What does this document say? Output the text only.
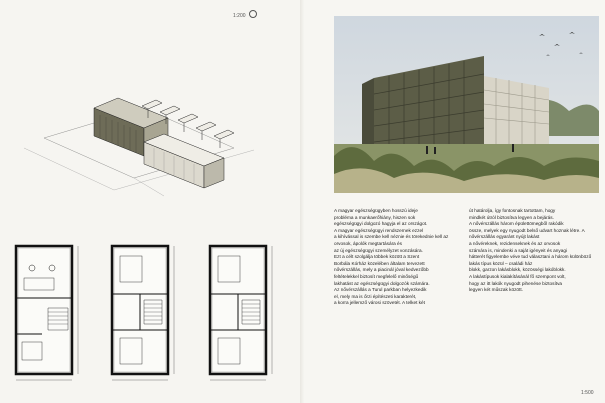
1:200

A magyar egészségügyben hosszú ideje
probléma a munkaerőhiány, hiszen sok
egészségügyi dolgozó hagyja el az országot.
A magyar egészségügyi rendszernek ezzel
a kihívással is szembe kell néznie és törekednie kell az orvosok, ápolók megtartására és
az új egészségügyi személyzet vonzására.
Ezt a célt szolgálja többek között a Szent
Borbála Kórház közelében általam tervezett
nővérszállás, mely a piacinál jóval kedvezőbb
feltételekkel biztosít megfelelő minőségű
lakhatást az egészségügyi dolgozók számára.
Az nővérszállás a Turul parkban helyezkedik
el, mely ma is őrzi építészeti karakterét,
a korra jellemző városi szövetét. A telket két

út határolja, így fontosnak tartottam, hogy
mindkét útról biztosítva legyen a bejárás.
A nővérszállás három épülettömegből rakódik
össze, melyek egy nyugodt belső udvart hoznak létre. A nővérszállás egyaránt nyújt lakást
a nővéreknek, rezidenseknek és az orvosok
számára is, mindenki a saját igényeit és anyagi
hátterét figyelembe véve tud választani a három különböző lakás típus közül – családi ház
blokk, garzon lakásblokk, közösségi lakóblokk.
A lakástípusok kialakításánál fő szempont volt,
hogy az itt lakók nyugodt pihenése biztosítva
legyen két műszak között.

1:500
